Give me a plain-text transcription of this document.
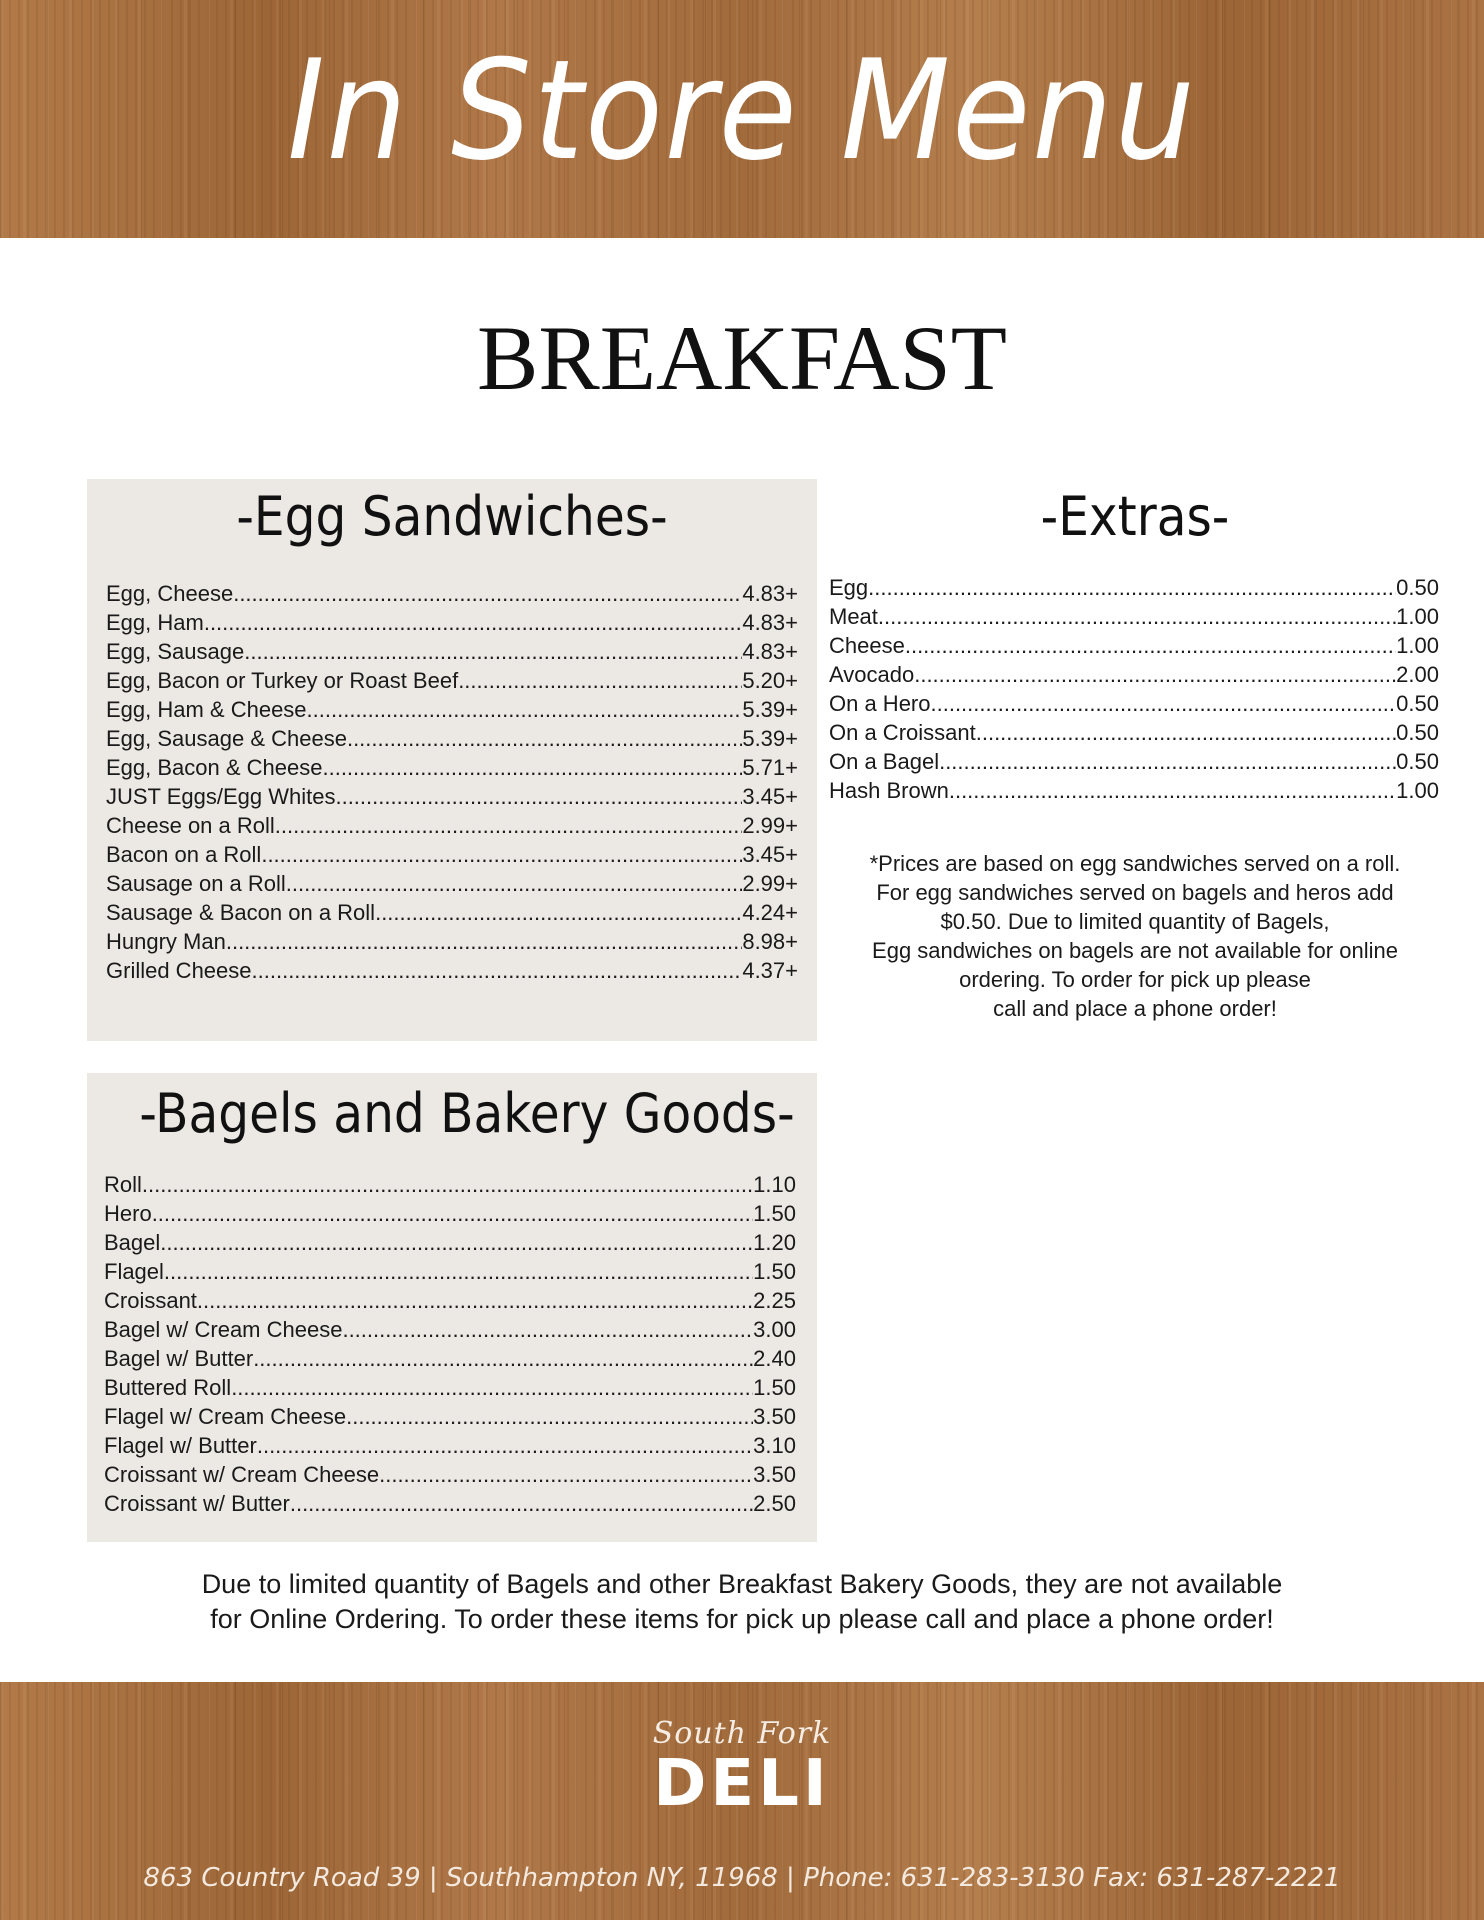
In Store Menu
BREAKFAST
-Egg Sandwiches-
Egg, Cheese .....	4.83+
Egg, Ham .....	4.83+
Egg, Sausage .....	4.83+
Egg, Bacon or Turkey or Roast Beef .....	5.20+
Egg, Ham & Cheese .....	5.39+
Egg, Sausage & Cheese .....	5.39+
Egg, Bacon & Cheese .....	5.71+
JUST Eggs/Egg Whites .....	3.45+
Cheese on a Roll .....	2.99+
Bacon on a Roll .....	3.45+
Sausage on a Roll .....	2.99+
Sausage & Bacon on a Roll .....	4.24+
Hungry Man .....	8.98+
Grilled Cheese .....	4.37+
-Extras-
Egg .....	0.50
Meat .....	1.00
Cheese .....	1.00
Avocado .....	2.00
On a Hero .....	0.50
On a Croissant .....	0.50
On a Bagel .....	0.50
Hash Brown .....	1.00
*Prices are based on egg sandwiches served on a roll.
For egg sandwiches served on bagels and heros add
$0.50. Due to limited quantity of Bagels,
Egg sandwiches on bagels are not available for online
ordering. To order for pick up please
call and place a phone order!
-Bagels and Bakery Goods-
Roll .....	1.10
Hero .....	1.50
Bagel .....	1.20
Flagel .....	1.50
Croissant .....	2.25
Bagel w/ Cream Cheese .....	3.00
Bagel w/ Butter .....	2.40
Buttered Roll .....	1.50
Flagel w/ Cream Cheese .....	3.50
Flagel w/ Butter .....	3.10
Croissant w/ Cream Cheese .....	3.50
Croissant w/ Butter .....	2.50
Due to limited quantity of Bagels and other Breakfast Bakery Goods, they are not available
for Online Ordering. To order these items for pick up please call and place a phone order!
South Fork
DELI
863 Country Road 39 | Southhampton NY, 11968 | Phone: 631-283-3130 Fax: 631-287-2221
